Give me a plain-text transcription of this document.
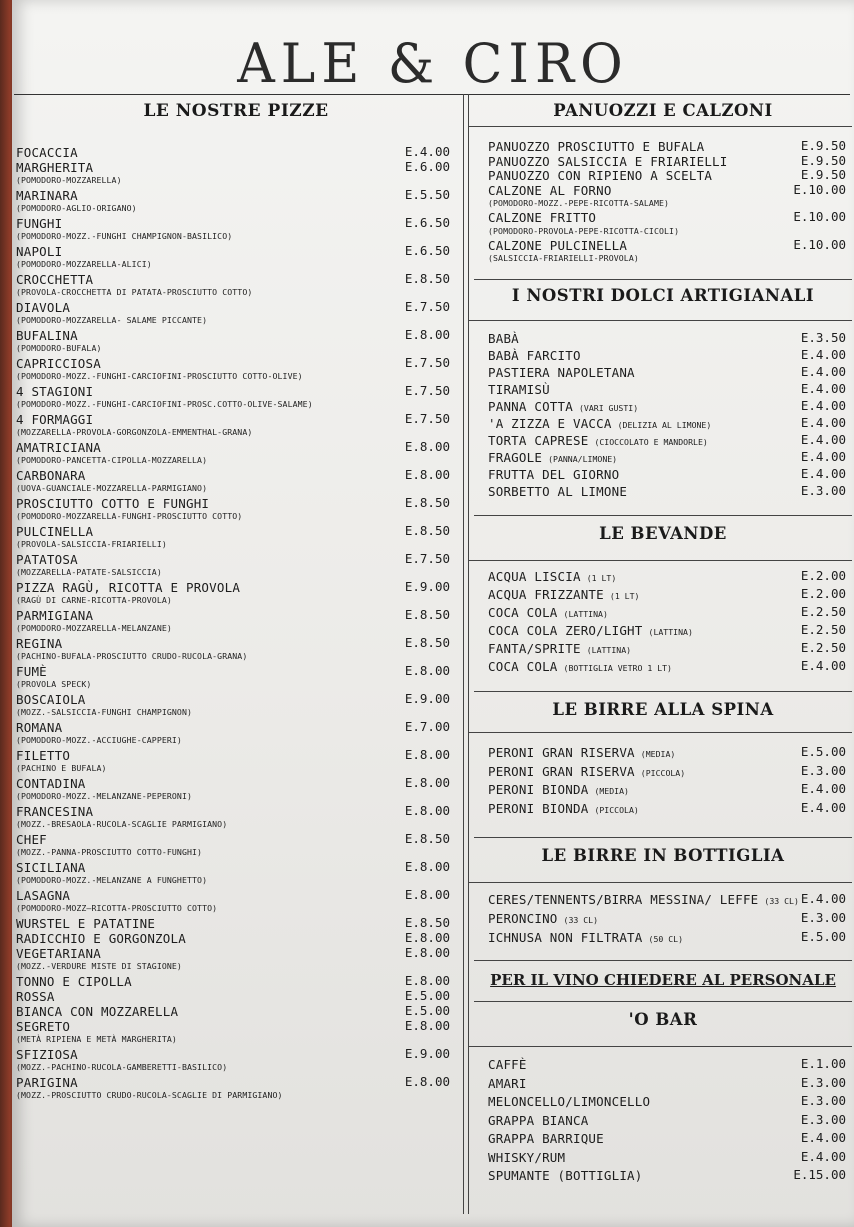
ALE & CIRO
LE NOSTRE PIZZE
FOCACCIA	E.4.00
MARGHERITA	E.6.00
(POMODORO-MOZZARELLA)
MARINARA	E.5.50
(POMODORO-AGLIO-ORIGANO)
FUNGHI	E.6.50
(POMODORO-MOZZ.-FUNGHI CHAMPIGNON-BASILICO)
NAPOLI	E.6.50
(POMODORO-MOZZARELLA-ALICI)
CROCCHETTA	E.8.50
(PROVOLA-CROCCHETTA DI PATATA-PROSCIUTTO COTTO)
DIAVOLA	E.7.50
(POMODORO-MOZZARELLA- SALAME PICCANTE)
BUFALINA	E.8.00
(POMODORO-BUFALA)
CAPRICCIOSA	E.7.50
(POMODORO-MOZZ.-FUNGHI-CARCIOFINI-PROSCIUTTO COTTO-OLIVE)
4 STAGIONI	E.7.50
(POMODORO-MOZZ.-FUNGHI-CARCIOFINI-PROSC.COTTO-OLIVE-SALAME)
4 FORMAGGI	E.7.50
(MOZZARELLA-PROVOLA-GORGONZOLA-EMMENTHAL-GRANA)
AMATRICIANA	E.8.00
(POMODORO-PANCETTA-CIPOLLA-MOZZARELLA)
CARBONARA	E.8.00
(UOVA-GUANCIALE-MOZZARELLA-PARMIGIANO)
PROSCIUTTO COTTO E FUNGHI	E.8.50
(POMODORO-MOZZARELLA-FUNGHI-PROSCIUTTO COTTO)
PULCINELLA	E.8.50
(PROVOLA-SALSICCIA-FRIARIELLI)
PATATOSA	E.7.50
(MOZZARELLA-PATATE-SALSICCIA)
PIZZA RAGÙ, RICOTTA E PROVOLA	E.9.00
(RAGÙ DI CARNE-RICOTTA-PROVOLA)
PARMIGIANA	E.8.50
(POMODORO-MOZZARELLA-MELANZANE)
REGINA	E.8.50
(PACHINO-BUFALA-PROSCIUTTO CRUDO-RUCOLA-GRANA)
FUMÈ	E.8.00
(PROVOLA SPECK)
BOSCAIOLA	E.9.00
(MOZZ.-SALSICCIA-FUNGHI CHAMPIGNON)
ROMANA	E.7.00
(POMODORO-MOZZ.-ACCIUGHE-CAPPERI)
FILETTO	E.8.00
(PACHINO E BUFALA)
CONTADINA	E.8.00
(POMODORO-MOZZ.-MELANZANE-PEPERONI)
FRANCESINA	E.8.00
(MOZZ.-BRESAOLA-RUCOLA-SCAGLIE PARMIGIANO)
CHEF	E.8.50
(MOZZ.-PANNA-PROSCIUTTO COTTO-FUNGHI)
SICILIANA	E.8.00
(POMODORO-MOZZ.-MELANZANE A FUNGHETTO)
LASAGNA	E.8.00
(POMODORO-MOZZ—RICOTTA-PROSCIUTTO COTTO)
WURSTEL E PATATINE	E.8.50
RADICCHIO E GORGONZOLA	E.8.00
VEGETARIANA	E.8.00
(MOZZ.-VERDURE MISTE DI STAGIONE)
TONNO E CIPOLLA	E.8.00
ROSSA	E.5.00
BIANCA CON MOZZARELLA	E.5.00
SEGRETO	E.8.00
(METÀ RIPIENA E METÀ MARGHERITA)
SFIZIOSA	E.9.00
(MOZZ.-PACHINO-RUCOLA-GAMBERETTI-BASILICO)
PARIGINA	E.8.00
(MOZZ.-PROSCIUTTO CRUDO-RUCOLA-SCAGLIE DI PARMIGIANO)
PANUOZZI E CALZONI
PANUOZZO PROSCIUTTO E BUFALA	E.9.50
PANUOZZO SALSICCIA E FRIARIELLI	E.9.50
PANUOZZO CON RIPIENO A SCELTA	E.9.50
CALZONE AL FORNO	E.10.00
(POMODORO-MOZZ.-PEPE-RICOTTA-SALAME)
CALZONE FRITTO	E.10.00
(POMODORO-PROVOLA-PEPE-RICOTTA-CICOLI)
CALZONE PULCINELLA	E.10.00
(SALSICCIA-FRIARIELLI-PROVOLA)
I NOSTRI DOLCI ARTIGIANALI
BABÀ	E.3.50
BABÀ FARCITO	E.4.00
PASTIERA NAPOLETANA	E.4.00
TIRAMISÙ	E.4.00
PANNA COTTA (VARI GUSTI)	E.4.00
'A ZIZZA E VACCA (DELIZIA AL LIMONE)	E.4.00
TORTA CAPRESE (CIOCCOLATO E MANDORLE)	E.4.00
FRAGOLE (PANNA/LIMONE)	E.4.00
FRUTTA DEL GIORNO	E.4.00
SORBETTO AL LIMONE	E.3.00
LE BEVANDE
ACQUA LISCIA (1 LT)	E.2.00
ACQUA FRIZZANTE (1 LT)	E.2.00
COCA COLA (LATTINA)	E.2.50
COCA COLA ZERO/LIGHT (LATTINA)	E.2.50
FANTA/SPRITE (LATTINA)	E.2.50
COCA COLA (BOTTIGLIA VETRO 1 LT)	E.4.00
LE BIRRE ALLA SPINA
PERONI GRAN RISERVA (MEDIA)	E.5.00
PERONI GRAN RISERVA (PICCOLA)	E.3.00
PERONI BIONDA (MEDIA)	E.4.00
PERONI BIONDA (PICCOLA)	E.4.00
LE BIRRE IN BOTTIGLIA
CERES/TENNENTS/BIRRA MESSINA/ LEFFE (33 CL) E.4.00
PERONCINO (33 CL)	E.3.00
ICHNUSA NON FILTRATA (50 CL)	E.5.00
PER IL VINO CHIEDERE AL PERSONALE
'O BAR
CAFFÈ	E.1.00
AMARI	E.3.00
MELONCELLO/LIMONCELLO	E.3.00
GRAPPA BIANCA	E.3.00
GRAPPA BARRIQUE	E.4.00
WHISKY/RUM	E.4.00
SPUMANTE (BOTTIGLIA)	E.15.00
